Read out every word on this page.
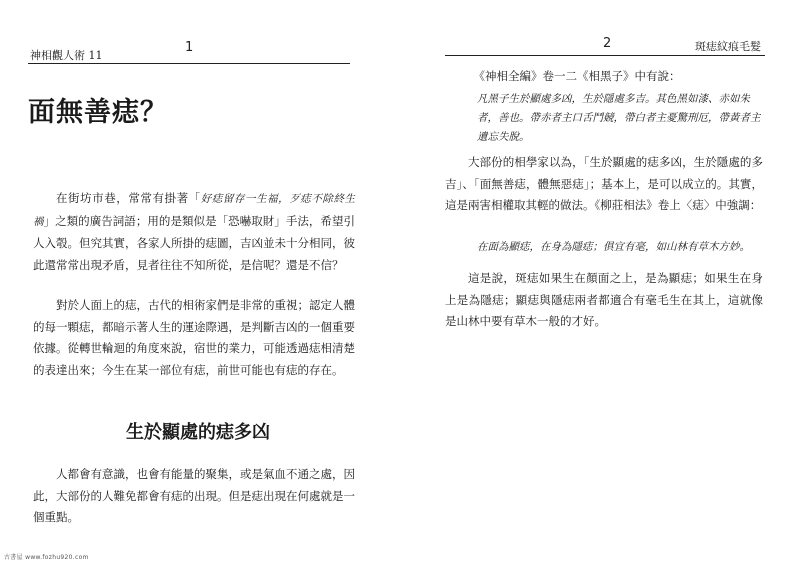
神相觀人術 11
1
面無善痣？

在街坊市巷，常常有掛著「好痣留存一生福，歹痣不除終生禍」之類的廣告詞語；用的是類似是「恐嚇取財」手法，希望引人入彀。但究其實，各家人所掛的痣圖，吉凶並未十分相同，彼此還常常出現矛盾，見者往往不知所從，是信呢？還是不信？

對於人面上的痣，古代的相術家們是非常的重視；認定人體的每一顆痣，都暗示著人生的運途際遇，是判斷吉凶的一個重要依據。從轉世輪迴的角度來說，宿世的業力，可能透過痣相清楚的表達出來；今生在某一部位有痣，前世可能也有痣的存在。

生於顯處的痣多凶

人都會有意識，也會有能量的聚集，或是氣血不通之處，因此，大部份的人難免都會有痣的出現。但是痣出現在何處就是一個重點。

2	斑痣紋痕毛髮

《神相全編》卷一二《相黑子》中有說：

凡黑子生於顯處多凶，生於隱處多吉。其色黑如漆、赤如朱者，善也。帶赤者主口舌鬥競，帶白者主憂驚刑厄，帶黃者主遺忘失脫。

大部份的相學家以為，「生於顯處的痣多凶，生於隱處的多吉」、「面無善痣，體無惡痣」；基本上，是可以成立的。其實，這是兩害相權取其輕的做法。《柳莊相法》卷上〈痣〉中強調：

在面為顯痣，在身為隱痣；俱宜有毫，如山林有草木方妙。

這是說，斑痣如果生在顏面之上，是為顯痣；如果生在身上是為隱痣；顯痣與隱痣兩者都適合有毫毛生在其上，這就像是山林中要有草木一般的才好。

古書屋 www.fozhu920.com
